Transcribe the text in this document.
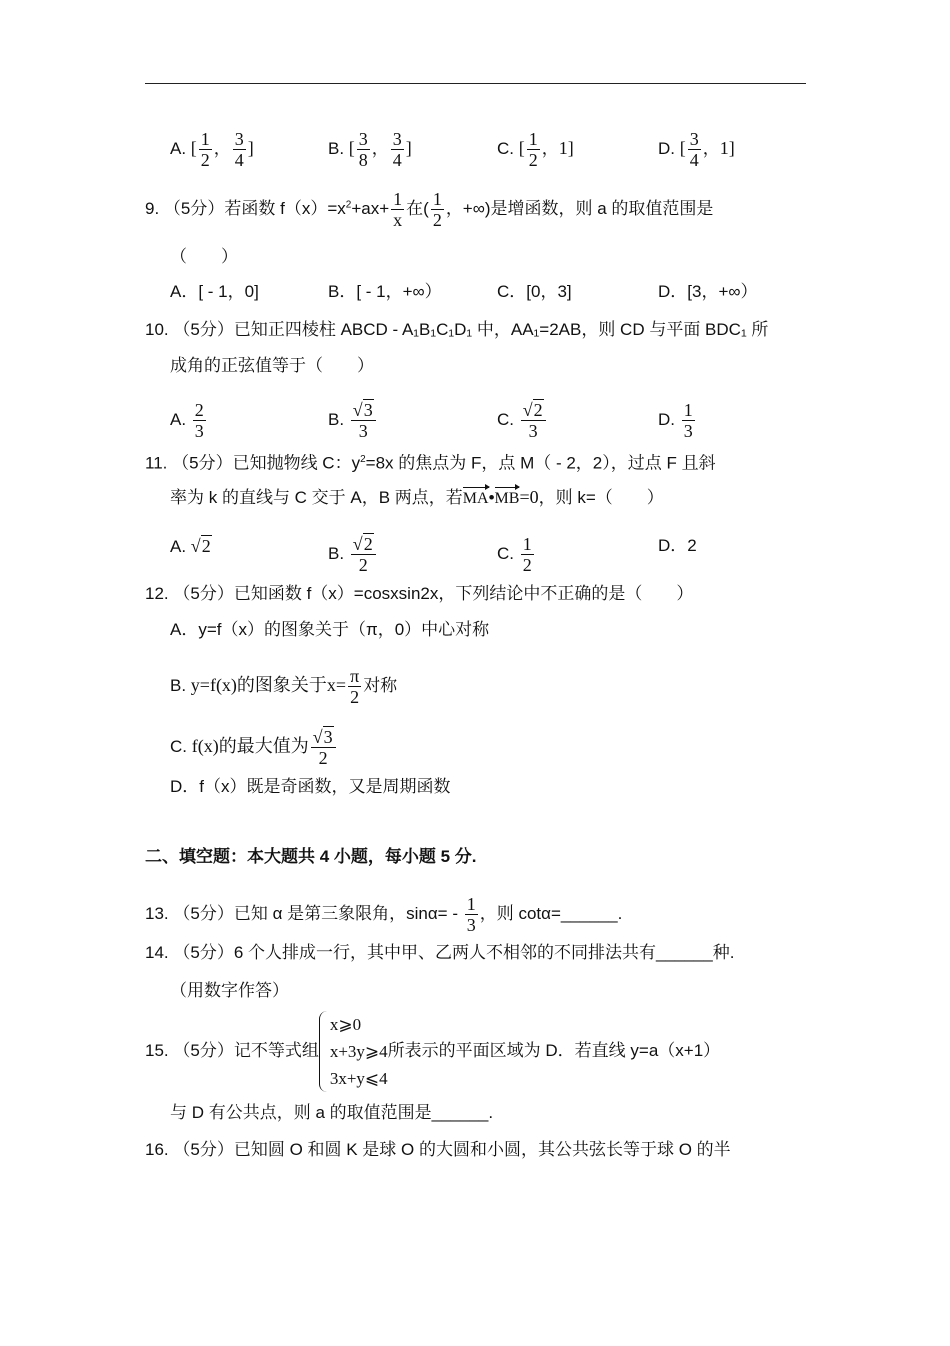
A. [ $\frac{1}{2}$ ， $\frac{3}{4}$ ]	B. [ $\frac{3}{8}$ ， $\frac{3}{4}$ ]	C. [ $\frac{1}{2}$ ，1]	D. [ $\frac{3}{4}$ ，1]
9. （5分）若函数 $f(x)=x^2+ax+ \frac{1}{x}$ 在( $\frac{1}{2}$ ，+∞)是增函数，则 a 的取值范围是
（　　）
A．[ - 1，0]	B．[ - 1，+∞）	C．[0，3]	D．[3，+∞）
10. （5分）已知正四棱柱 ABCD - A₁B₁C₁D₁ 中，AA₁=2AB，则 CD 与平面 BDC₁ 所
成角的正弦值等于（　　）
A. $\frac{2}{3}$	B. $\frac{√3}{3}$	C. $\frac{√2}{3}$	D. $\frac{1}{3}$
11. （5分）已知抛物线 C：$y^2=8x$ 的焦点为 F，点 M（ - 2，2），过点 F 且斜
率为 k 的直线与 C 交于 A，B 两点，若MA•MB=0，则 k=（　　）
A. √2	B. $\frac{√2}{2}$	C. $\frac{1}{2}$	D．2
12. （5分）已知函数 f（x）=cosxsin2x，下列结论中不正确的是（　　）
A．y=f（x）的图象关于（π，0）中心对称
B. y=f(x)的图象关于$x= \frac{\pi}{2}$ 对称
C. f(x)的最大值为 $\frac{√3}{2}$
D．f（x）既是奇函数，又是周期函数
二、填空题：本大题共 4 小题，每小题 5 分.
13. （5分）已知 α 是第三象限角，$\sin\alpha= - \frac{1}{3}$ ，则 cotα=______.
14. （5分）6 个人排成一行，其中甲、乙两人不相邻的不同排法共有______种.
（用数字作答）
15. （5分）记不等式组
x⩾0
x+3y⩾4
3x+y⩽4
所表示的平面区域为 D．若直线 y=a（x+1）
与 D 有公共点，则 a 的取值范围是______.
16. （5分）已知圆 O 和圆 K 是球 O 的大圆和小圆，其公共弦长等于球 O 的半
